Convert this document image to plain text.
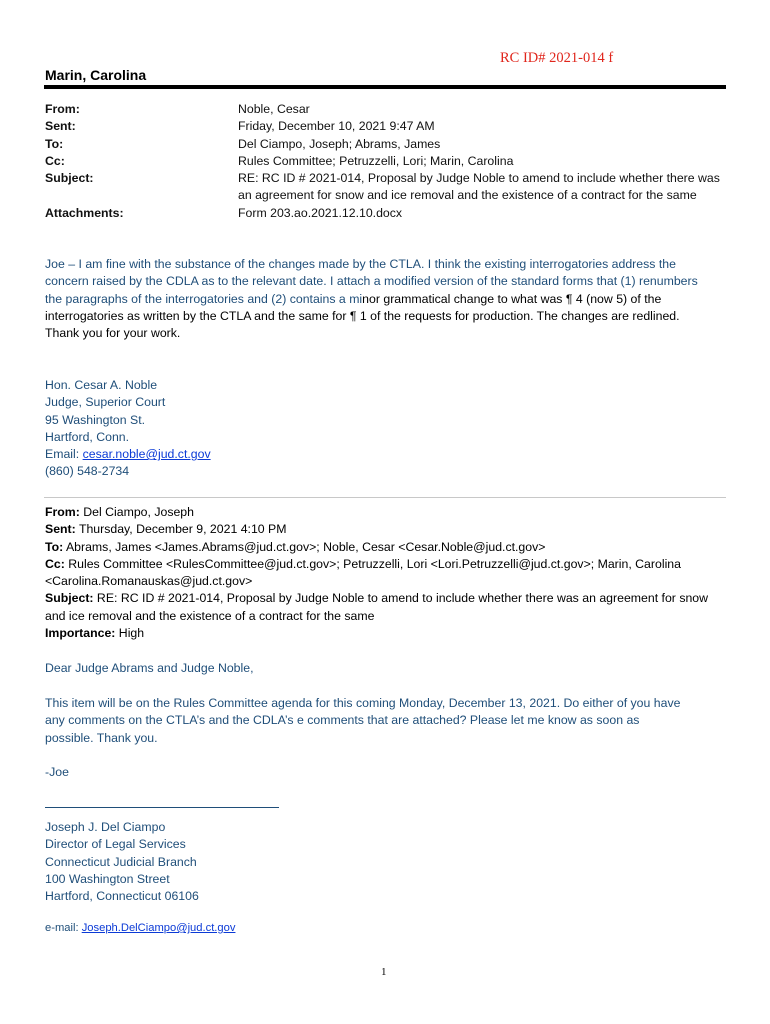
RC ID# 2021-014 f
Marin, Carolina
From:	Noble, Cesar
Sent:	Friday, December 10, 2021 9:47 AM
To:	Del Ciampo, Joseph; Abrams, James
Cc:	Rules Committee; Petruzzelli, Lori; Marin, Carolina
Subject:	RE: RC ID # 2021-014, Proposal by Judge Noble to amend to include whether there was
an agreement for snow and ice removal and the existence of a contract for the same
Attachments:	Form 203.ao.2021.12.10.docx
Joe – I am fine with the substance of the changes made by the CTLA. I think the existing interrogatories address the
concern raised by the CDLA as to the relevant date. I attach a modified version of the standard forms that (1) renumbers
the paragraphs of the interrogatories and (2) contains a minor grammatical change to what was ¶ 4 (now 5) of the
interrogatories as written by the CTLA and the same for ¶ 1 of the requests for production. The changes are redlined.
Thank you for your work.
Hon. Cesar A. Noble
Judge, Superior Court
95 Washington St.
Hartford, Conn.
Email: cesar.noble@jud.ct.gov
(860) 548-2734
From: Del Ciampo, Joseph
Sent: Thursday, December 9, 2021 4:10 PM
To: Abrams, James <James.Abrams@jud.ct.gov>; Noble, Cesar <Cesar.Noble@jud.ct.gov>
Cc: Rules Committee <RulesCommittee@jud.ct.gov>; Petruzzelli, Lori <Lori.Petruzzelli@jud.ct.gov>; Marin, Carolina
<Carolina.Romanauskas@jud.ct.gov>
Subject: RE: RC ID # 2021-014, Proposal by Judge Noble to amend to include whether there was an agreement for snow
and ice removal and the existence of a contract for the same
Importance: High
Dear Judge Abrams and Judge Noble,
This item will be on the Rules Committee agenda for this coming Monday, December 13, 2021. Do either of you have
any comments on the CTLA’s and the CDLA’s e comments that are attached? Please let me know as soon as
possible. Thank you.
-Joe
Joseph J. Del Ciampo
Director of Legal Services
Connecticut Judicial Branch
100 Washington Street
Hartford, Connecticut 06106
e-mail: Joseph.DelCiampo@jud.ct.gov
1
